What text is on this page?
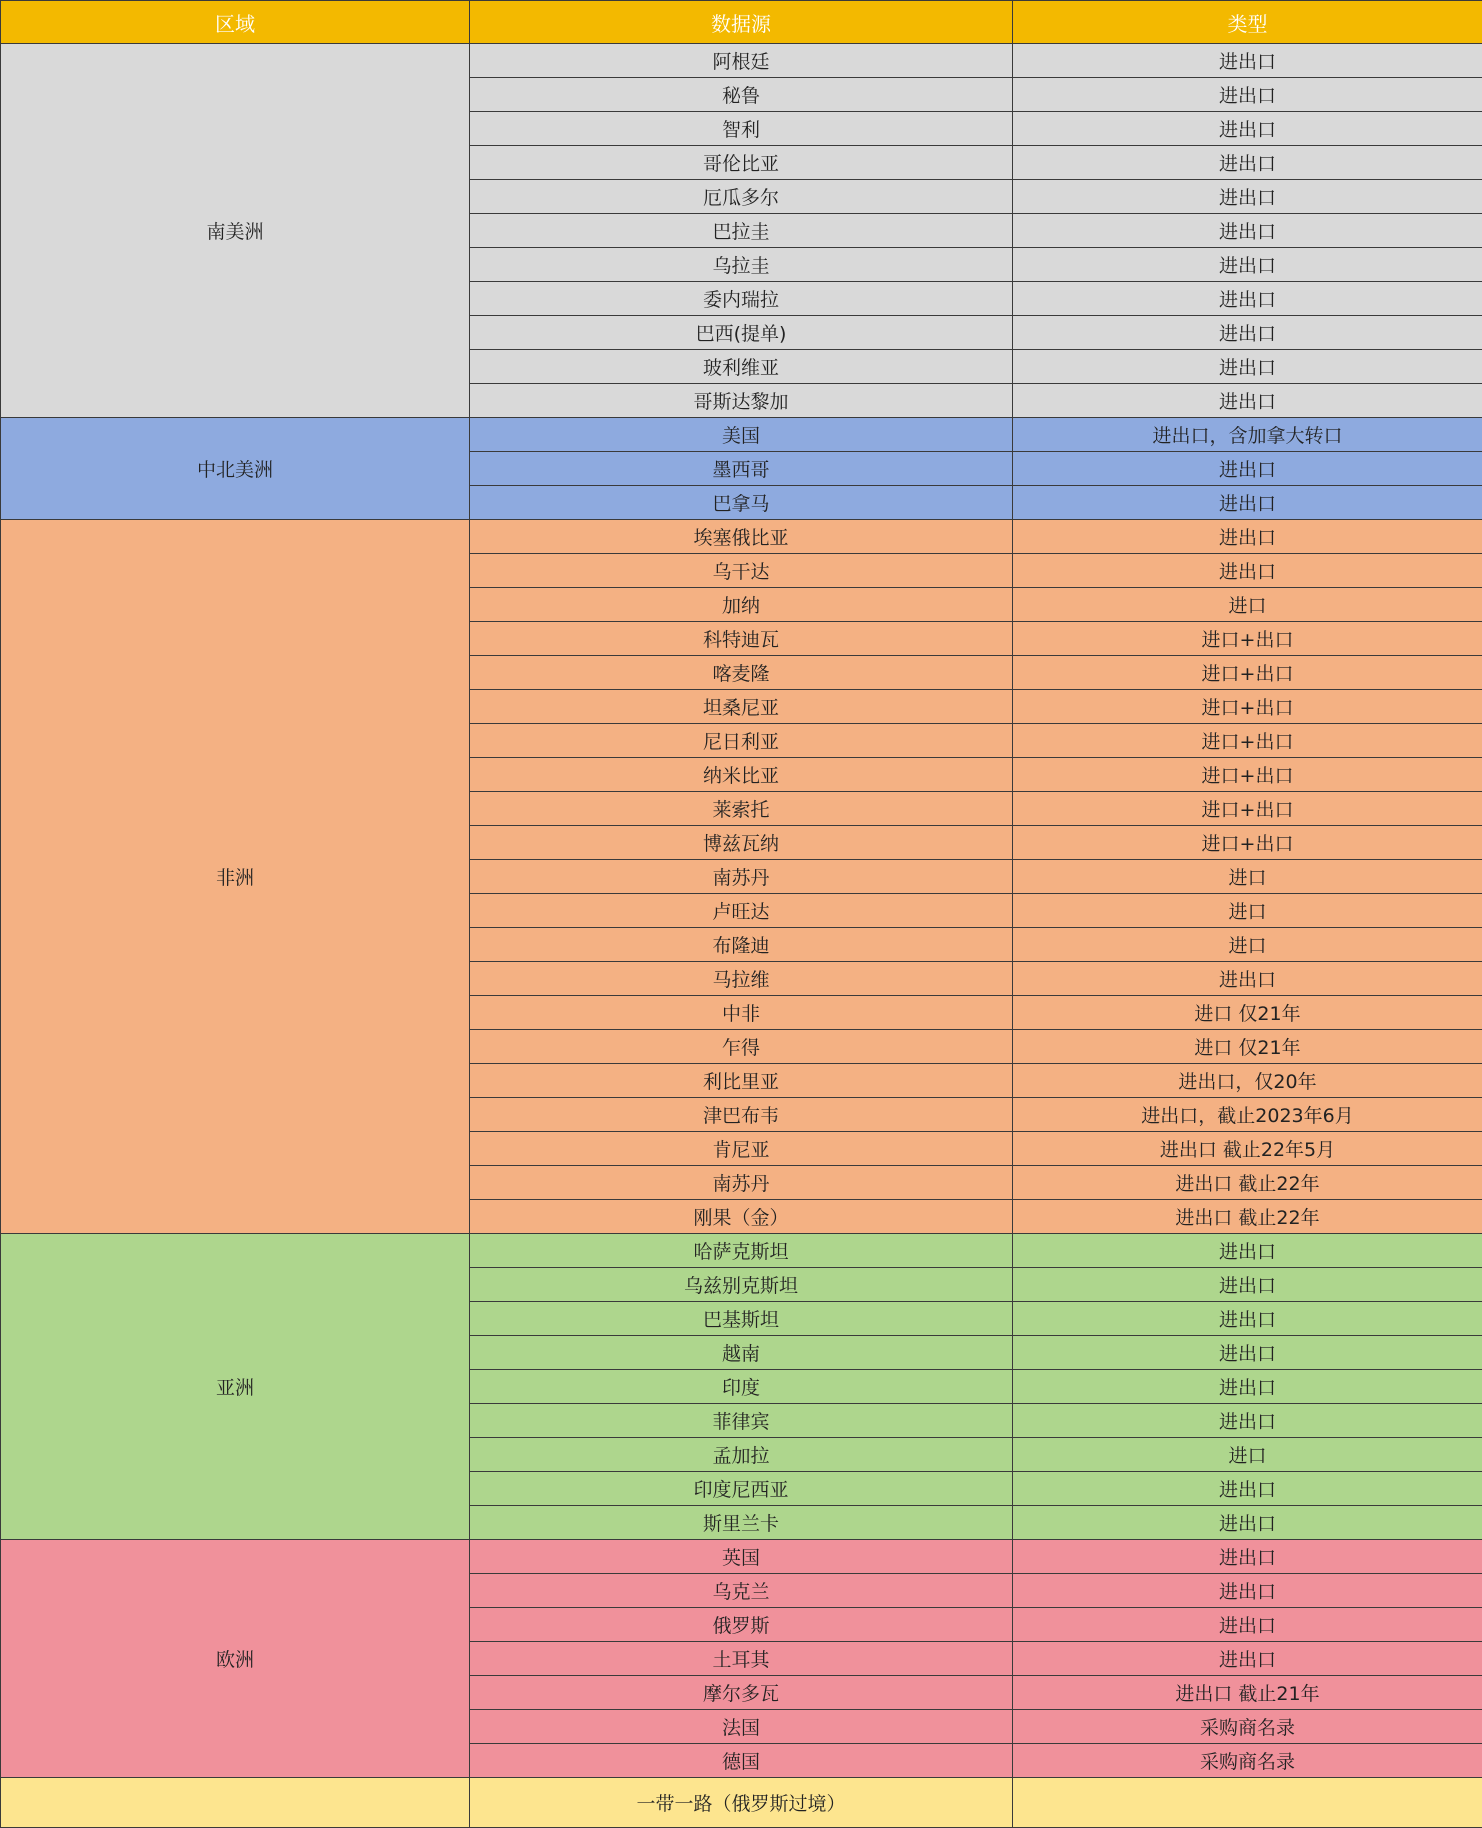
区域	数据源	类型
南美洲	阿根廷	进出口
	秘鲁	进出口
	智利	进出口
	哥伦比亚	进出口
	厄瓜多尔	进出口
	巴拉圭	进出口
	乌拉圭	进出口
	委内瑞拉	进出口
	巴西(提单)	进出口
	玻利维亚	进出口
	哥斯达黎加	进出口
中北美洲	美国	进出口，含加拿大转口
	墨西哥	进出口
	巴拿马	进出口
非洲	埃塞俄比亚	进出口
	乌干达	进出口
	加纳	进口
	科特迪瓦	进口+出口
	喀麦隆	进口+出口
	坦桑尼亚	进口+出口
	尼日利亚	进口+出口
	纳米比亚	进口+出口
	莱索托	进口+出口
	博兹瓦纳	进口+出口
	南苏丹	进口
	卢旺达	进口
	布隆迪	进口
	马拉维	进出口
	中非	进口 仅21年
	乍得	进口 仅21年
	利比里亚	进出口，仅20年
	津巴布韦	进出口，截止2023年6月
	肯尼亚	进出口 截止22年5月
	南苏丹	进出口 截止22年
	刚果（金）	进出口 截止22年
亚洲	哈萨克斯坦	进出口
	乌兹别克斯坦	进出口
	巴基斯坦	进出口
	越南	进出口
	印度	进出口
	菲律宾	进出口
	孟加拉	进口
	印度尼西亚	进出口
	斯里兰卡	进出口
欧洲	英国	进出口
	乌克兰	进出口
	俄罗斯	进出口
	土耳其	进出口
	摩尔多瓦	进出口 截止21年
	法国	采购商名录
	德国	采购商名录
	一带一路（俄罗斯过境）	
